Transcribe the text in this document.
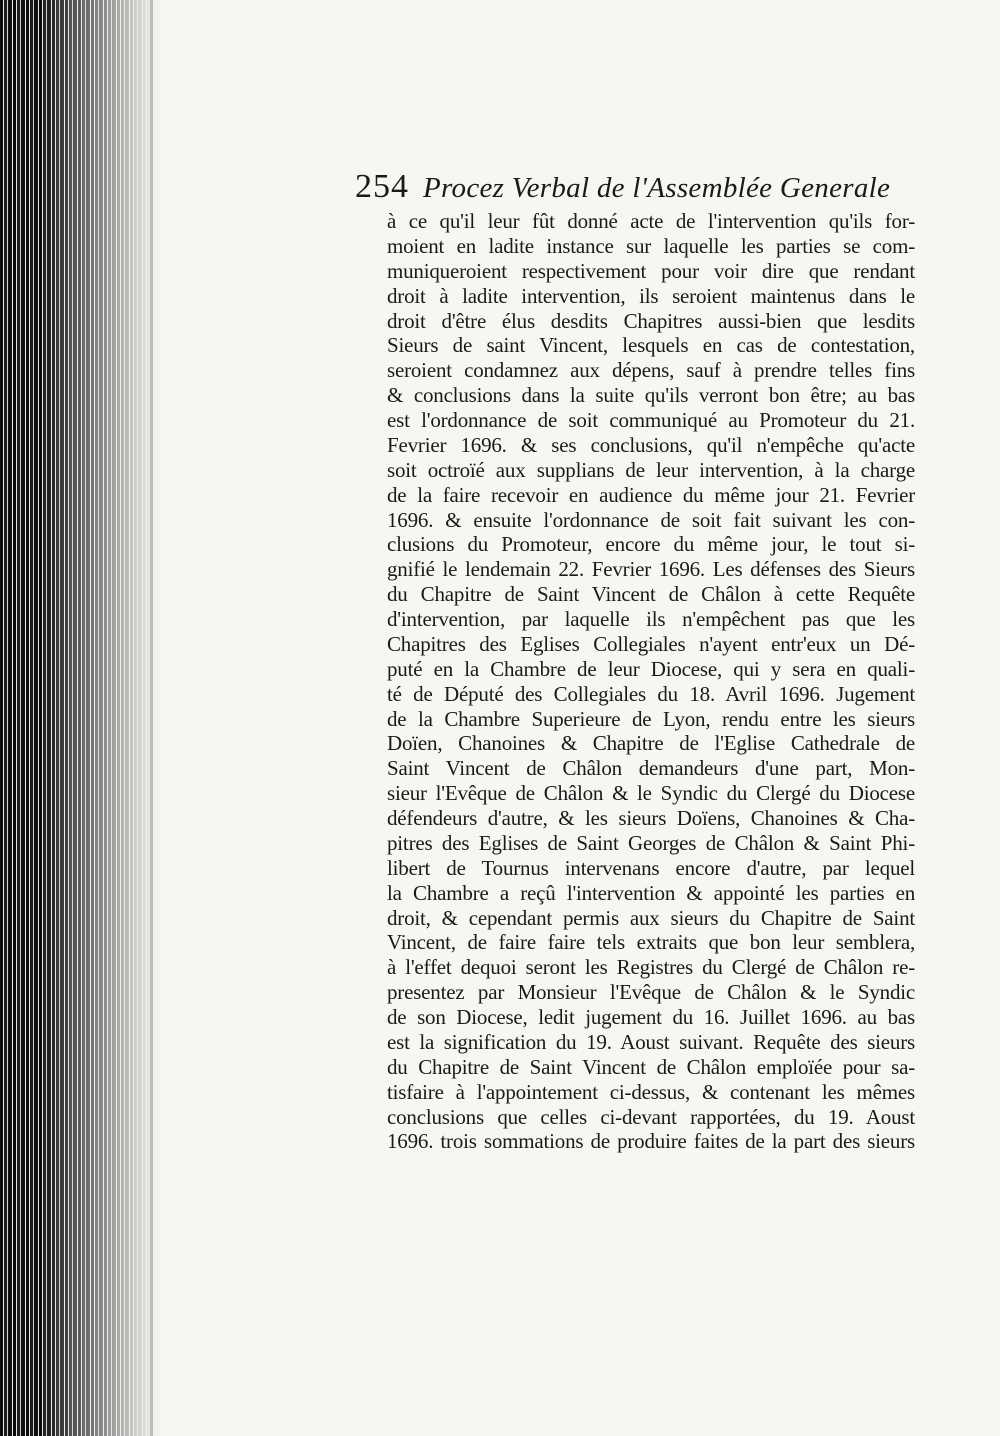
254 Procez Verbal de l'Assemblée Generale
à ce qu'il leur fût donné acte de l'intervention qu'ils for-
moient en ladite instance sur laquelle les parties se com-
muniqueroient respectivement pour voir dire que rendant
droit à ladite intervention, ils seroient maintenus dans le
droit d'être élus desdits Chapitres aussi-bien que lesdits
Sieurs de saint Vincent, lesquels en cas de contestation,
seroient condamnez aux dépens, sauf à prendre telles fins
& conclusions dans la suite qu'ils verront bon être; au bas
est l'ordonnance de soit communiqué au Promoteur du 21.
Fevrier 1696. & ses conclusions, qu'il n'empêche qu'acte
soit octroïé aux supplians de leur intervention, à la charge
de la faire recevoir en audience du même jour 21. Fevrier
1696. & ensuite l'ordonnance de soit fait suivant les con-
clusions du Promoteur, encore du même jour, le tout si-
gnifié le lendemain 22. Fevrier 1696. Les défenses des Sieurs
du Chapitre de Saint Vincent de Châlon à cette Requête
d'intervention, par laquelle ils n'empêchent pas que les
Chapitres des Eglises Collegiales n'ayent entr'eux un Dé-
puté en la Chambre de leur Diocese, qui y sera en quali-
té de Député des Collegiales du 18. Avril 1696. Jugement
de la Chambre Superieure de Lyon, rendu entre les sieurs
Doïen, Chanoines & Chapitre de l'Eglise Cathedrale de
Saint Vincent de Châlon demandeurs d'une part, Mon-
sieur l'Evêque de Châlon & le Syndic du Clergé du Diocese
défendeurs d'autre, & les sieurs Doïens, Chanoines & Cha-
pitres des Eglises de Saint Georges de Châlon & Saint Phi-
libert de Tournus intervenans encore d'autre, par lequel
la Chambre a reçû l'intervention & appointé les parties en
droit, & cependant permis aux sieurs du Chapitre de Saint
Vincent, de faire faire tels extraits que bon leur semblera,
à l'effet dequoi seront les Registres du Clergé de Châlon re-
presentez par Monsieur l'Evêque de Châlon & le Syndic
de son Diocese, ledit jugement du 16. Juillet 1696. au bas
est la signification du 19. Aoust suivant. Requête des sieurs
du Chapitre de Saint Vincent de Châlon emploïée pour sa-
tisfaire à l'appointement ci-dessus, & contenant les mêmes
conclusions que celles ci-devant rapportées, du 19. Aoust
1696. trois sommations de produire faites de la part des sieurs
